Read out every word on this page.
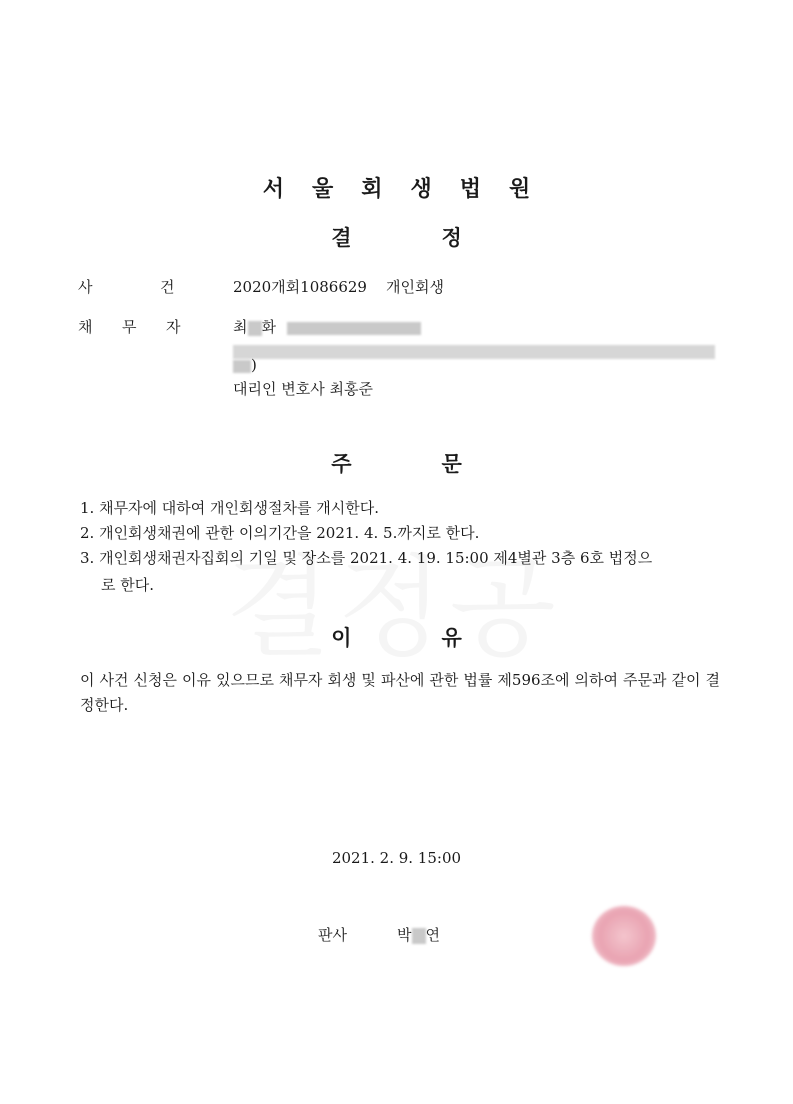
서울회생법원
결	정
사	건	2020개회1086629 개인회생
채 무 자	최 화
)
대리인 변호사 최홍준
주	문
1. 채무자에 대하여 개인회생절차를 개시한다.
2. 개인회생채권에 관한 이의기간을 2021. 4. 5.까지로 한다.
3. 개인회생채권자집회의 기일 및 장소를 2021. 4. 19. 15:00 제4별관 3층 6호 법정으
로 한다.
이	유
이 사건 신청은 이유 있으므로 채무자 회생 및 파산에 관한 법률 제596조에 의하여 주문과 같이 결정한다.
2021. 2. 9. 15:00
판사	박 연
